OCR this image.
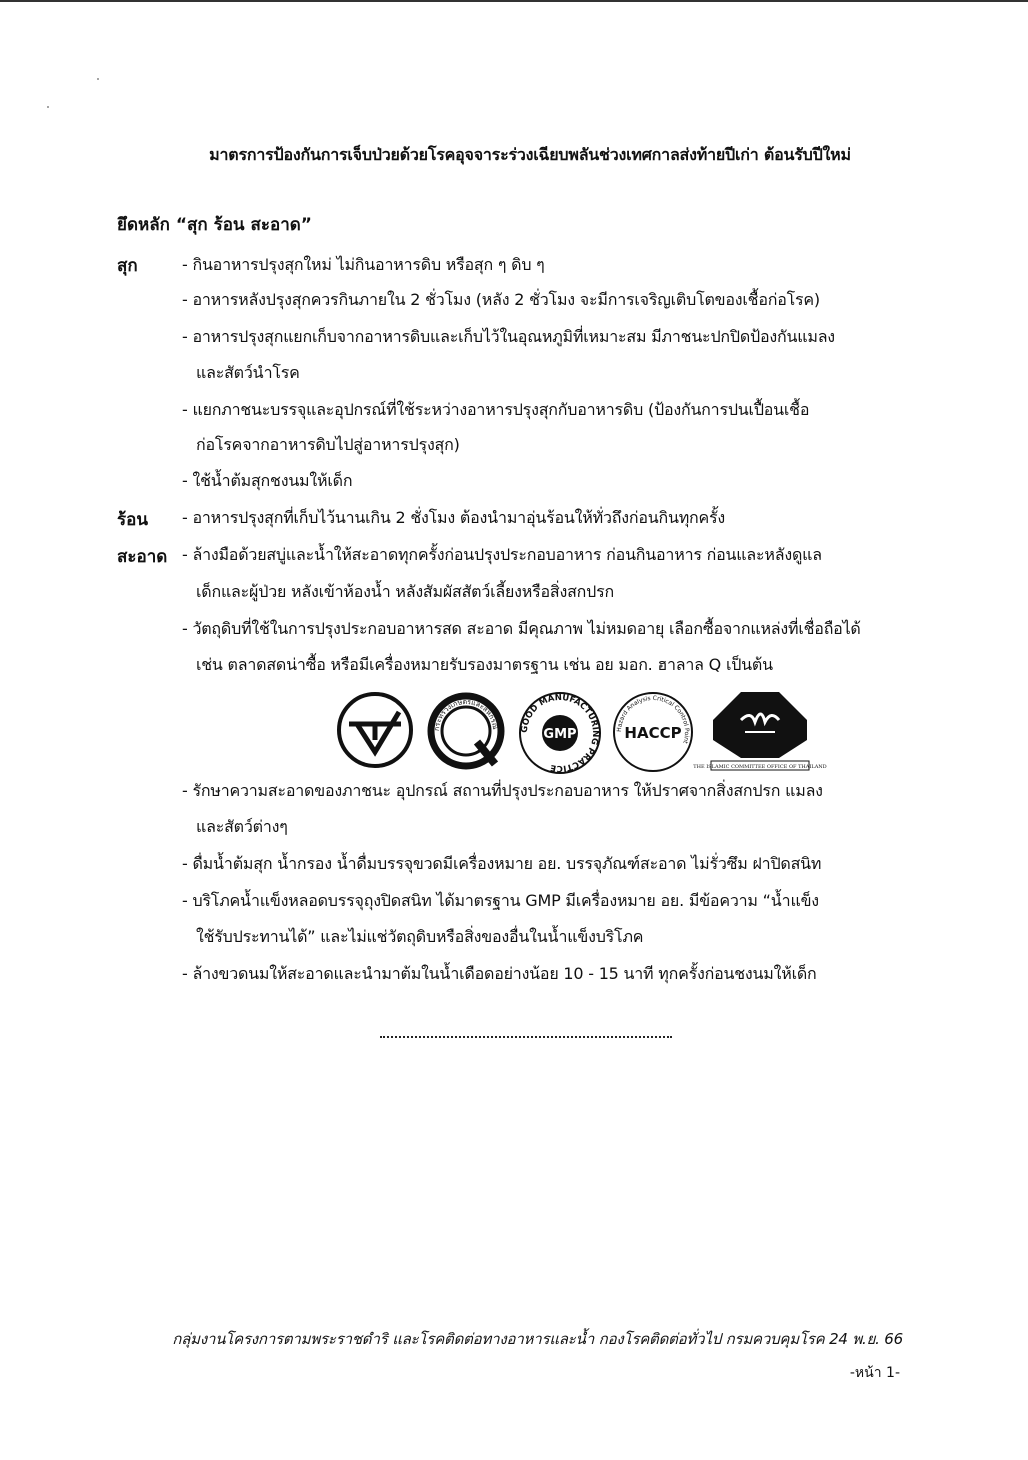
มาตรการป้องกันการเจ็บป่วยด้วยโรคอุจจาระร่วงเฉียบพลันช่วงเทศกาลส่งท้ายปีเก่า ต้อนรับปีใหม่
ยึดหลัก “สุก ร้อน สะอาด”
สุก
ร้อน
สะอาด
- กินอาหารปรุงสุกใหม่ ไม่กินอาหารดิบ หรือสุก ๆ ดิบ ๆ
- อาหารหลังปรุงสุกควรกินภายใน 2 ชั่วโมง (หลัง 2 ชั่วโมง จะมีการเจริญเติบโตของเชื้อก่อโรค)
- อาหารปรุงสุกแยกเก็บจากอาหารดิบและเก็บไว้ในอุณหภูมิที่เหมาะสม มีภาชนะปกปิดป้องกันแมลง
และสัตว์นำโรค
- แยกภาชนะบรรจุและอุปกรณ์ที่ใช้ระหว่างอาหารปรุงสุกกับอาหารดิบ (ป้องกันการปนเปื้อนเชื้อ
ก่อโรคจากอาหารดิบไปสู่อาหารปรุงสุก)
- ใช้น้ำต้มสุกชงนมให้เด็ก
- อาหารปรุงสุกที่เก็บไว้นานเกิน 2 ชั่งโมง ต้องนำมาอุ่นร้อนให้ทั่วถึงก่อนกินทุกครั้ง
- ล้างมือด้วยสบู่และน้ำให้สะอาดทุกครั้งก่อนปรุงประกอบอาหาร ก่อนกินอาหาร ก่อนและหลังดูแล
เด็กและผู้ป่วย หลังเข้าห้องน้ำ หลังสัมผัสสัตว์เลี้ยงหรือสิ่งสกปรก
- วัตถุดิบที่ใช้ในการปรุงประกอบอาหารสด สะอาด มีคุณภาพ ไม่หมดอายุ เลือกซื้อจากแหล่งที่เชื่อถือได้
เช่น ตลาดสดน่าซื้อ หรือมีเครื่องหมายรับรองมาตรฐาน เช่น อย มอก. ฮาลาล Q เป็นต้น
กระทรวงเกษตรและสหกรณ์
GMP
GOOD MANUFACTURING PRACTICE
HACCP
Hazard Analysis Critical Control Point
THE ISLAMIC COMMITTEE OFFICE OF THAILAND
- รักษาความสะอาดของภาชนะ อุปกรณ์ สถานที่ปรุงประกอบอาหาร ให้ปราศจากสิ่งสกปรก แมลง
และสัตว์ต่างๆ
- ดื่มน้ำต้มสุก น้ำกรอง น้ำดื่มบรรจุขวดมีเครื่องหมาย อย. บรรจุภัณฑ์สะอาด ไม่รั่วซึม ฝาปิดสนิท
- บริโภคน้ำแข็งหลอดบรรจุถุงปิดสนิท ได้มาตรฐาน GMP มีเครื่องหมาย อย. มีข้อความ “น้ำแข็ง
ใช้รับประทานได้” และไม่แช่วัตถุดิบหรือสิ่งของอื่นในน้ำแข็งบริโภค
- ล้างขวดนมให้สะอาดและนำมาต้มในน้ำเดือดอย่างน้อย 10 - 15 นาที ทุกครั้งก่อนชงนมให้เด็ก
กลุ่มงานโครงการตามพระราชดำริ และโรคติดต่อทางอาหารและน้ำ กองโรคติดต่อทั่วไป กรมควบคุมโรค 24 พ.ย. 66
-หน้า 1-
